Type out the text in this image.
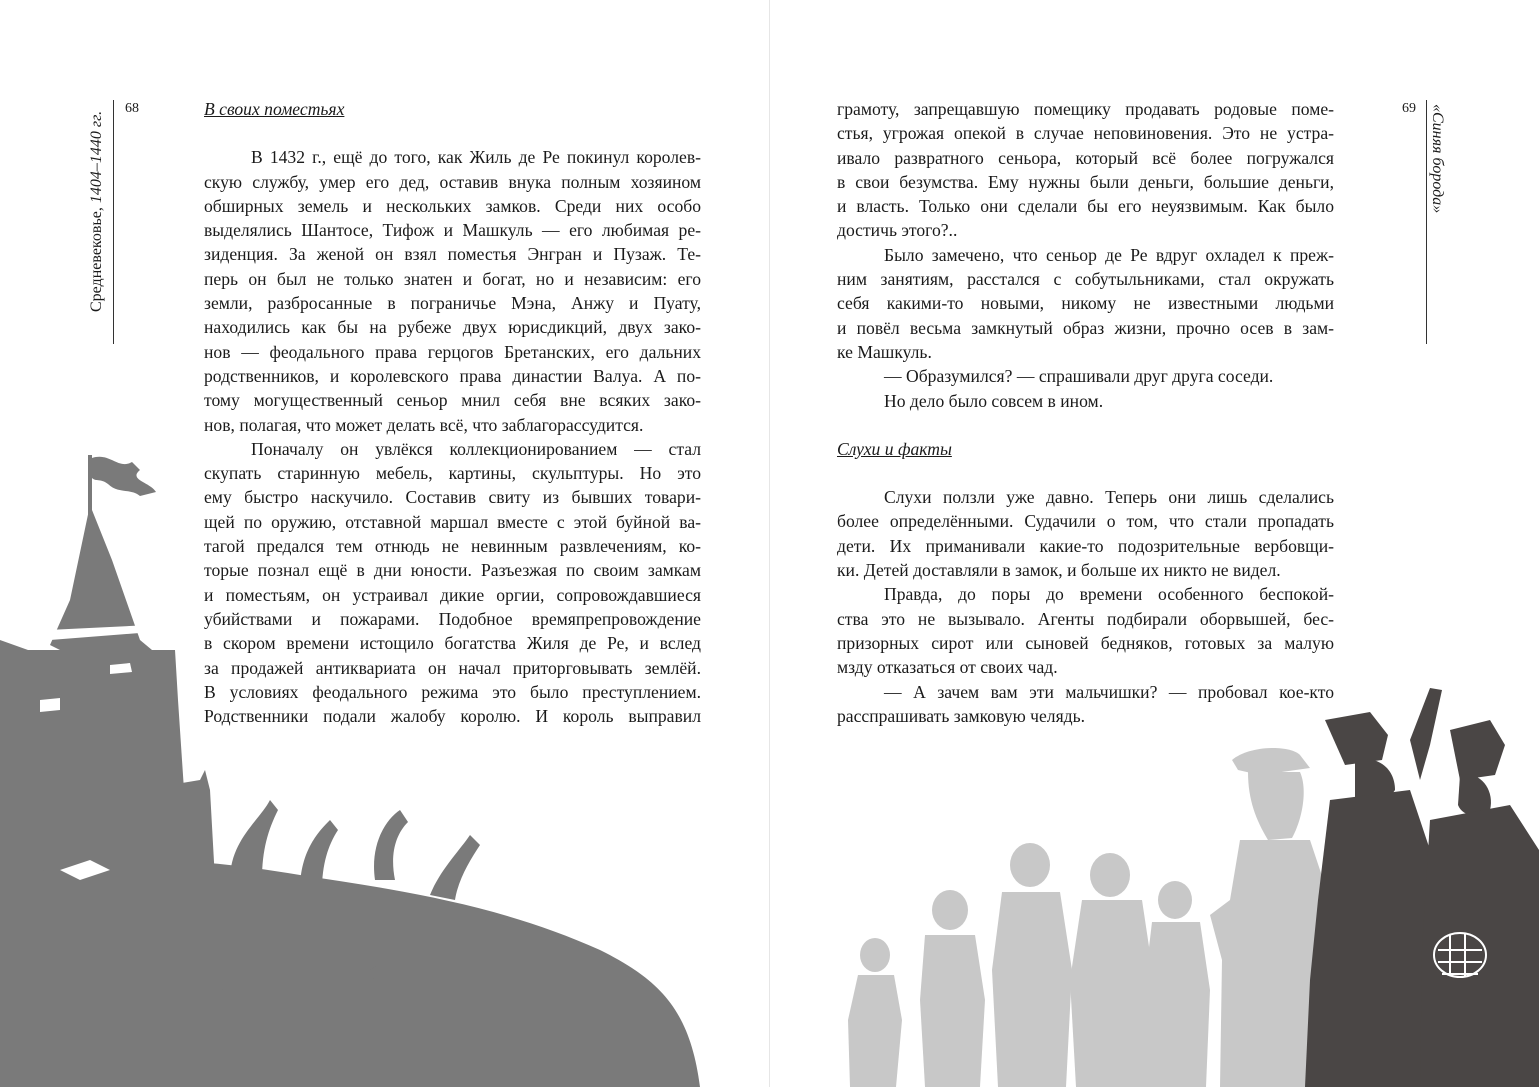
68
Средневековье, 1404–1440 гг.

В своих поместьях

В 1432 г., ещё до того, как Жиль де Ре покинул королев-

скую службу, умер его дед, оставив внука полным хозяином

обширных земель и нескольких замков. Среди них особо

выделялись Шантосе, Тифож и Машкуль — его любимая ре-

зиденция. За женой он взял поместья Энгран и Пузаж. Те-

перь он был не только знатен и богат, но и независим: его

земли, разбросанные в пограничье Мэна, Анжу и Пуату,

находились как бы на рубеже двух юрисдикций, двух зако-

нов — феодального права герцогов Бретанских, его дальних

родственников, и королевского права династии Валуа. А по-

тому могущественный сеньор мнил себя вне всяких зако-

нов, полагая, что может делать всё, что заблагорассудится.

Поначалу он увлёкся коллекционированием — стал

скупать старинную мебель, картины, скульптуры. Но это

ему быстро наскучило. Составив свиту из бывших товари-

щей по оружию, отставной маршал вместе с этой буйной ва-

тагой предался тем отнюдь не невинным развлечениям, ко-

торые познал ещё в дни юности. Разъезжая по своим замкам

и поместьям, он устраивал дикие оргии, сопровождавшиеся

убийствами и пожарами. Подобное времяпрепровождение

в скором времени истощило богатства Жиля де Ре, и вслед

за продажей антиквариата он начал приторговывать землёй.

В условиях феодального режима это было преступлением.

Родственники подали жалобу королю. И король выправил

69 «Синяя борода»

грамоту, запрещавшую помещику продавать родовые поме-

стья, угрожая опекой в случае неповиновения. Это не устра-

ивало развратного сеньора, который всё более погружался

в свои безумства. Ему нужны были деньги, большие деньги,

и власть. Только они сделали бы его неуязвимым. Как было

достичь этого?..

Было замечено, что сеньор де Ре вдруг охладел к преж-

ним занятиям, расстался с собутыльниками, стал окружать

себя какими-то новыми, никому не известными людьми

и повёл весьма замкнутый образ жизни, прочно осев в зам-

ке Машкуль.

— Образумился? — спрашивали друг друга соседи.

Но дело было совсем в ином.

Слухи и факты

Слухи ползли уже давно. Теперь они лишь сделались

более определёнными. Судачили о том, что стали пропадать

дети. Их приманивали какие-то подозрительные вербовщи-

ки. Детей доставляли в замок, и больше их никто не видел.

Правда, до поры до времени особенного беспокой-

ства это не вызывало. Агенты подбирали оборвышей, бес-

призорных сирот или сыновей бедняков, готовых за малую

мзду отказаться от своих чад.

— А зачем вам эти мальчишки? — пробовал кое-кто

расспрашивать замковую челядь.
